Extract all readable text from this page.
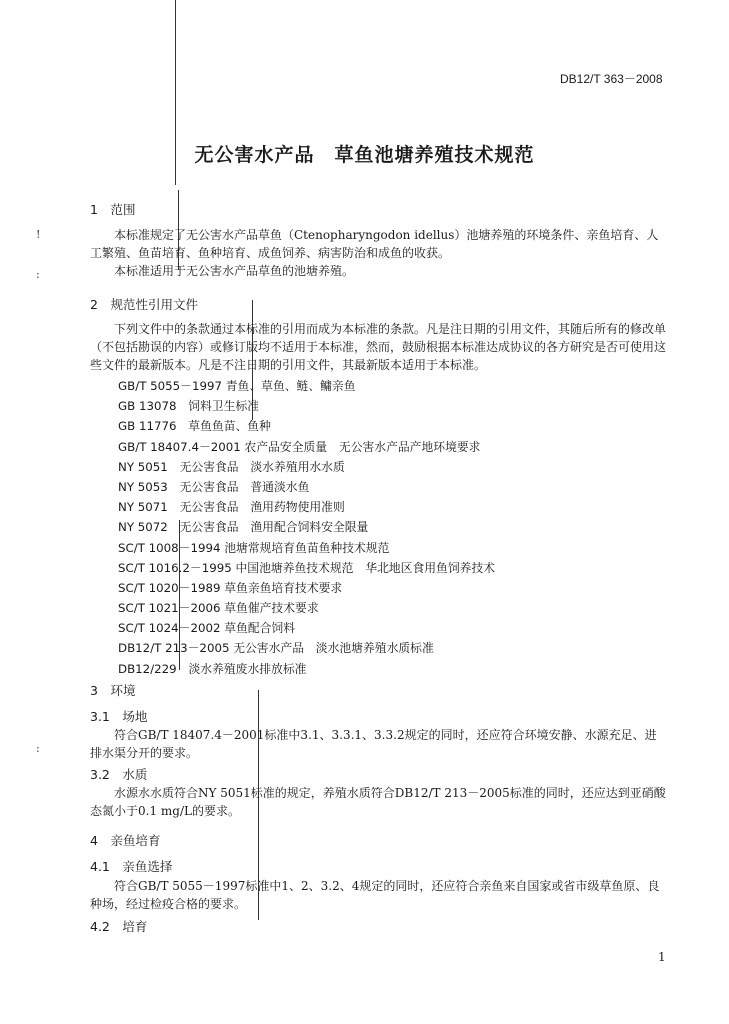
!
:
:
DB12/T 363－2008
无公害水产品　草鱼池塘养殖技术规范
1　范围
本标准规定了无公害水产品草鱼（Ctenopharyngodon idellus）池塘养殖的环境条件、亲鱼培育、人工繁殖、鱼苗培育、鱼种培育、成鱼饲养、病害防治和成鱼的收获。
本标准适用于无公害水产品草鱼的池塘养殖。
2　规范性引用文件
下列文件中的条款通过本标准的引用而成为本标准的条款。凡是注日期的引用文件，其随后所有的修改单（不包括勘误的内容）或修订版均不适用于本标准，然而，鼓励根据本标准达成协议的各方研究是否可使用这些文件的最新版本。凡是不注日期的引用文件，其最新版本适用于本标准。
GB/T 5055－1997 青鱼、草鱼、鲢、鳙亲鱼
GB 13078　饲料卫生标准
GB 11776　草鱼鱼苗、鱼种
GB/T 18407.4－2001 农产品安全质量　无公害水产品产地环境要求
NY 5051　无公害食品　淡水养殖用水水质
NY 5053　无公害食品　普通淡水鱼
NY 5071　无公害食品　渔用药物使用准则
NY 5072　无公害食品　渔用配合饲料安全限量
SC/T 1008－1994 池塘常规培育鱼苗鱼种技术规范
SC/T 1016.2－1995 中国池塘养鱼技术规范　华北地区食用鱼饲养技术
SC/T 1020－1989 草鱼亲鱼培育技术要求
SC/T 1021－2006 草鱼催产技术要求
SC/T 1024－2002 草鱼配合饲料
DB12/T 213－2005 无公害水产品　淡水池塘养殖水质标准
DB12/229　淡水养殖废水排放标准
3　环境
3.1　场地
符合GB/T 18407.4－2001标准中3.1、3.3.1、3.3.2规定的同时，还应符合环境安静、水源充足、进排水渠分开的要求。
3.2　水质
水源水水质符合NY 5051标准的规定，养殖水质符合DB12/T 213－2005标准的同时，还应达到亚硝酸态氮小于0.1 mg/L的要求。
4　亲鱼培育
4.1　亲鱼选择
符合GB/T 5055－1997标准中1、2、3.2、4规定的同时，还应符合亲鱼来自国家或省市级草鱼原、良种场，经过检疫合格的要求。
4.2　培育
1
